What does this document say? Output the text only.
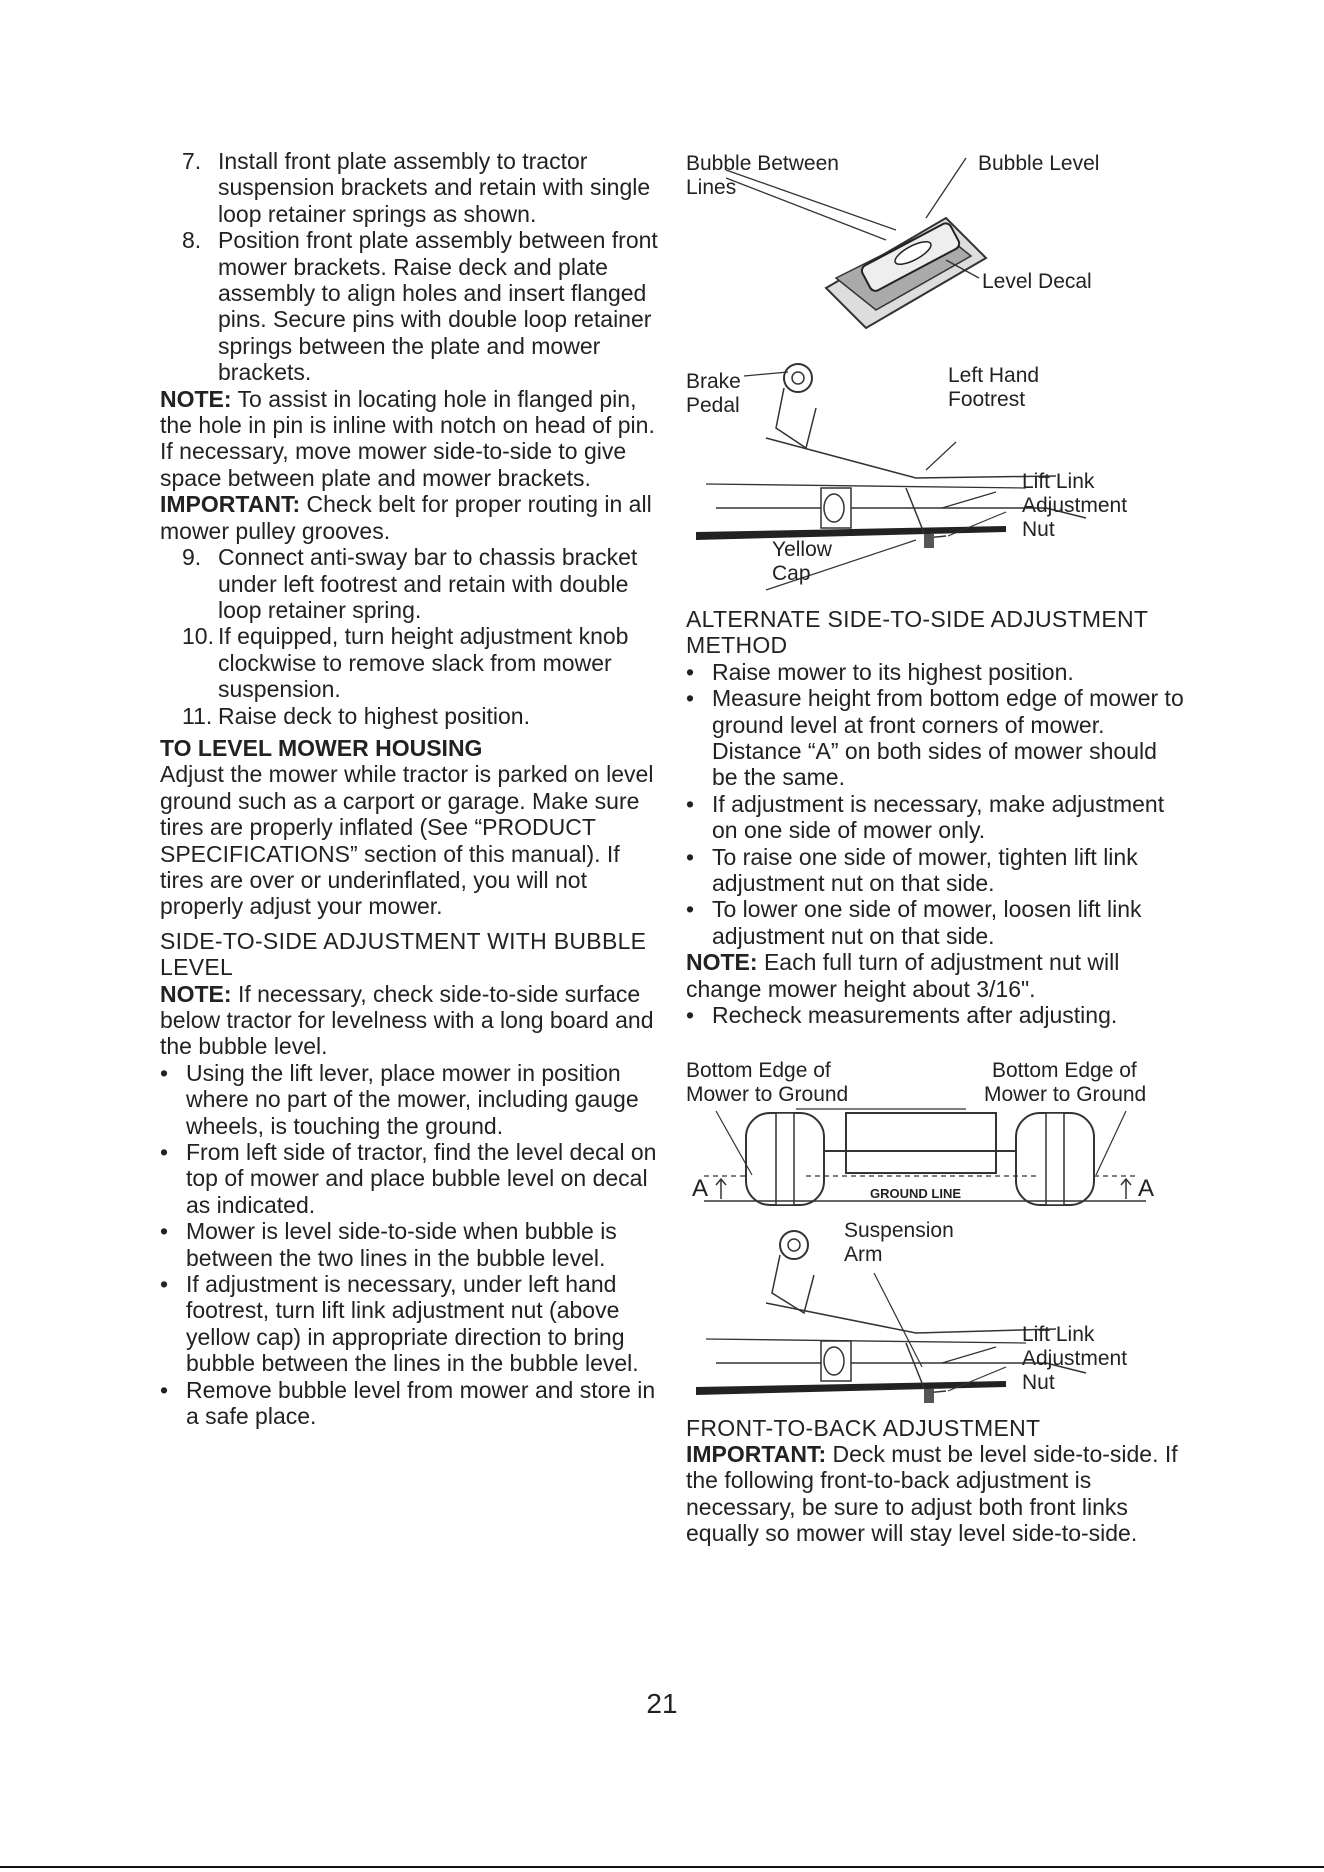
7. Install front plate assembly to tractor suspension brackets and retain with single loop retainer springs as shown.

8. Position front plate assembly between front mower brackets. Raise deck and plate assembly to align holes and insert flanged pins. Secure pins with double loop retainer springs between the plate and mower brackets.

NOTE: To assist in locating hole in flanged pin, the hole in pin is inline with notch on head of pin. If necessary, move mower side-to-side to give space between plate and mower brackets.

IMPORTANT: Check belt for proper routing in all mower pulley grooves.

9. Connect anti-sway bar to chassis bracket under left footrest and retain with double loop retainer spring.

10. If equipped, turn height adjustment knob clockwise to remove slack from mower suspension.

11. Raise deck to highest position.

TO LEVEL MOWER HOUSING

Adjust the mower while tractor is parked on level ground such as a carport or garage. Make sure tires are properly inflated (See “PRODUCT SPECIFICATIONS” section of this manual). If tires are over or underinflated, you will not properly adjust your mower.

SIDE-TO-SIDE ADJUSTMENT WITH BUBBLE LEVEL

NOTE: If necessary, check side-to-side surface below tractor for levelness with a long board and the bubble level.

• Using the lift lever, place mower in position where no part of the mower, including gauge wheels, is touching the ground.

• From left side of tractor, find the level decal on top of mower and place bubble level on decal as indicated.

• Mower is level side-to-side when bubble is between the two lines in the bubble level.

• If adjustment is necessary, under left hand footrest, turn lift link adjustment nut (above yellow cap) in appropriate direction to bring bubble between the lines in the bubble level.

• Remove bubble level from mower and store in a safe place.

Bubble Between
Lines
Bubble Level
Level Decal
Brake
Pedal
Left Hand
Footrest
Lift Link
Adjustment
Nut
Yellow
Cap

ALTERNATE SIDE-TO-SIDE ADJUSTMENT METHOD

• Raise mower to its highest position.

• Measure height from bottom edge of mower to ground level at front corners of mower. Distance “A” on both sides of mower should be the same.

• If adjustment is necessary, make adjustment on one side of mower only.

• To raise one side of mower, tighten lift link adjustment nut on that side.

• To lower one side of mower, loosen lift link adjustment nut on that side.

NOTE: Each full turn of adjustment nut will change mower height about 3/16".

• Recheck measurements after adjusting.

Bottom Edge of
Mower to Ground
Bottom Edge of
Mower to Ground
A	A
GROUND LINE
Suspension
Arm
Lift Link
Adjustment
Nut

FRONT-TO-BACK ADJUSTMENT

IMPORTANT: Deck must be level side-to-side. If the following front-to-back adjustment is necessary, be sure to adjust both front links equally so mower will stay level side-to-side.

21
